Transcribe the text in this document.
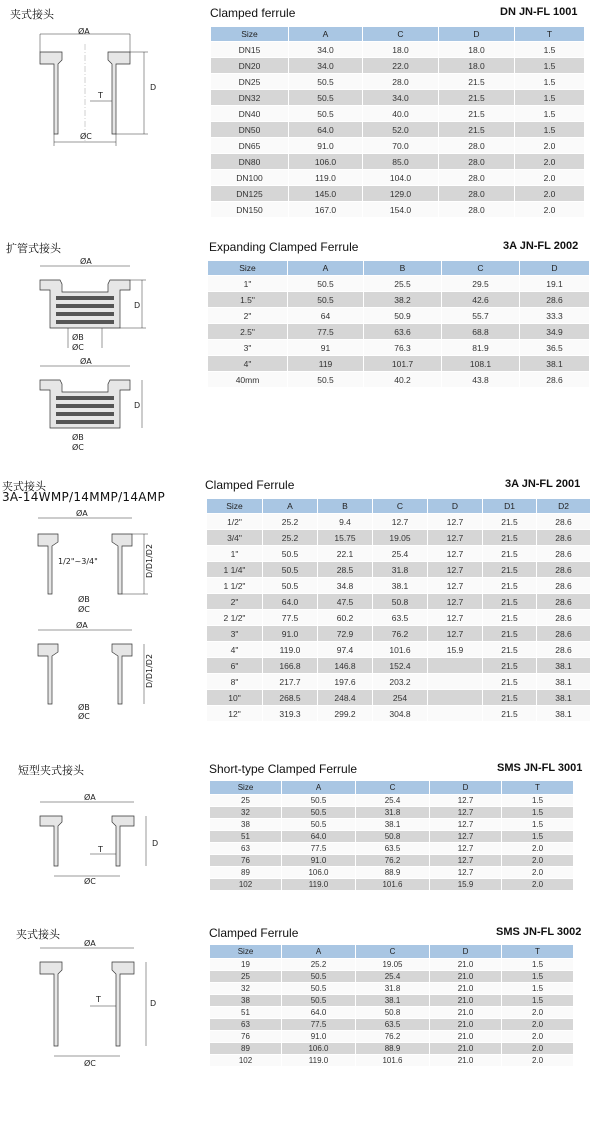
夹式接头	Clamped ferrule	DN JN-FL 1001
ØA
T
D
ØC
Size	A	C	D	T
DN15	34.0	18.0	18.0	1.5
DN20	34.0	22.0	18.0	1.5
DN25	50.5	28.0	21.5	1.5
DN32	50.5	34.0	21.5	1.5
DN40	50.5	40.0	21.5	1.5
DN50	64.0	52.0	21.5	1.5
DN65	91.0	70.0	28.0	2.0
DN80	106.0	85.0	28.0	2.0
DN100	119.0	104.0	28.0	2.0
DN125	145.0	129.0	28.0	2.0
DN150	167.0	154.0	28.0	2.0
扩管式接头	Expanding Clamped Ferrule	3A JN-FL 2002
ØA
D
ØB
ØC
ØA
D
ØB
ØC
Size	A	B	C	D
1"	50.5	25.5	29.5	19.1
1.5"	50.5	38.2	42.6	28.6
2"	64	50.9	55.7	33.3
2.5"	77.5	63.6	68.8	34.9
3"	91	76.3	81.9	36.5
4"	119	101.7	108.1	38.1
40mm	50.5	40.2	43.8	28.6
夹式接头
3A-14WMP/14MMP/14AMP
Clamped Ferrule	3A JN-FL 2001
ØA
1/2"~3/4"	D/D1/D2
ØB
ØC
ØA
D/D1/D2
ØB
ØC
Size	A	B	C	D	D1	D2
1/2"	25.2	9.4	12.7	12.7	21.5	28.6
3/4"	25.2	15.75	19.05	12.7	21.5	28.6
1"	50.5	22.1	25.4	12.7	21.5	28.6
1 1/4"	50.5	28.5	31.8	12.7	21.5	28.6
1 1/2"	50.5	34.8	38.1	12.7	21.5	28.6
2"	64.0	47.5	50.8	12.7	21.5	28.6
2 1/2"	77.5	60.2	63.5	12.7	21.5	28.6
3"	91.0	72.9	76.2	12.7	21.5	28.6
4"	119.0	97.4	101.6	15.9	21.5	28.6
6"	166.8	146.8	152.4		21.5	38.1
8"	217.7	197.6	203.2		21.5	38.1
10"	268.5	248.4	254		21.5	38.1
12"	319.3	299.2	304.8		21.5	38.1
短型夹式接头	Short-type Clamped Ferrule	SMS JN-FL 3001
ØA
T
D
ØC
Size	A	C	D	T
25	50.5	25.4	12.7	1.5
32	50.5	31.8	12.7	1.5
38	50.5	38.1	12.7	1.5
51	64.0	50.8	12.7	1.5
63	77.5	63.5	12.7	2.0
76	91.0	76.2	12.7	2.0
89	106.0	88.9	12.7	2.0
102	119.0	101.6	15.9	2.0
夹式接头	Clamped Ferrule	SMS JN-FL 3002
ØA
T	D
ØC
Size	A	C	D	T
19	25.2	19.05	21.0	1.5
25	50.5	25.4	21.0	1.5
32	50.5	31.8	21.0	1.5
38	50.5	38.1	21.0	1.5
51	64.0	50.8	21.0	2.0
63	77.5	63.5	21.0	2.0
76	91.0	76.2	21.0	2.0
89	106.0	88.9	21.0	2.0
102	119.0	101.6	21.0	2.0
